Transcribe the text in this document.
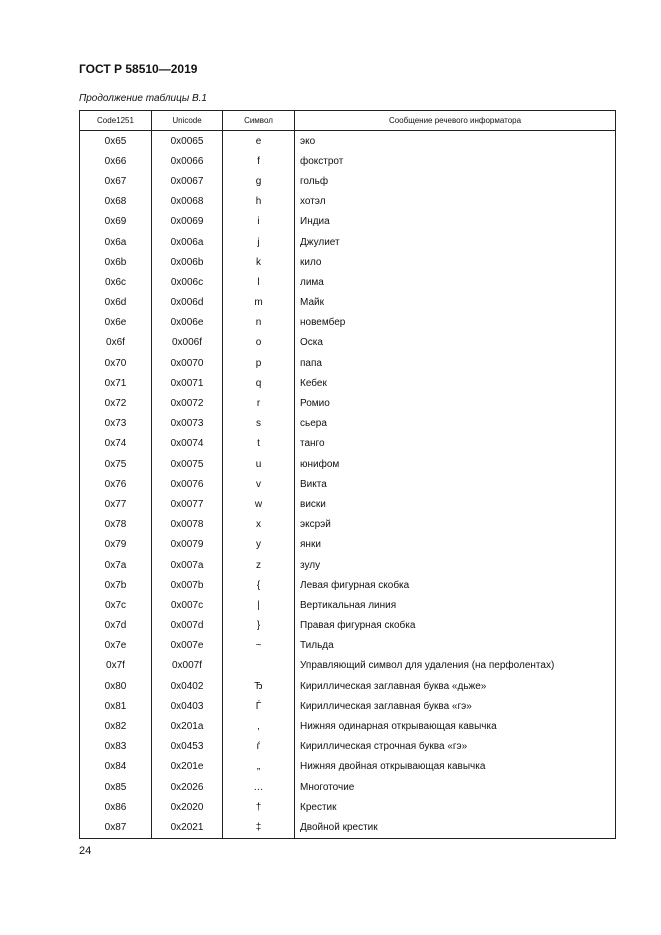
ГОСТ Р 58510—2019
Продолжение таблицы В.1
Code1251	Unicode	Символ	Сообщение речевого информатора
0x65	0x0065	e	эко
0x66	0x0066	f	фокстрот
0x67	0x0067	g	гольф
0x68	0x0068	h	хотэл
0x69	0x0069	i	Индиа
0x6a	0x006a	j	Джулиет
0x6b	0x006b	k	кило
0x6c	0x006c	l	лима
0x6d	0x006d	m	Майк
0x6e	0x006e	n	новембер
0x6f	0x006f	o	Оска
0x70	0x0070	p	папа
0x71	0x0071	q	Кебек
0x72	0x0072	r	Ромио
0x73	0x0073	s	сьера
0x74	0x0074	t	танго
0x75	0x0075	u	юнифом
0x76	0x0076	v	Викта
0x77	0x0077	w	виски
0x78	0x0078	x	эксрэй
0x79	0x0079	y	янки
0x7a	0x007a	z	зулу
0x7b	0x007b	{	Левая фигурная скобка
0x7c	0x007c	|	Вертикальная линия
0x7d	0x007d	}	Правая фигурная скобка
0x7e	0x007e	~	Тильда
0x7f	0x007f		Управляющий символ для удаления (на перфолентах)
0x80	0x0402	Ђ	Кириллическая заглавная буква «дьже»
0x81	0x0403	Ѓ	Кириллическая заглавная буква «гэ»
0x82	0x201a	‚	Нижняя одинарная открывающая кавычка
0x83	0x0453	ѓ	Кириллическая строчная буква «гэ»
0x84	0x201e	„	Нижняя двойная открывающая кавычка
0x85	0x2026	…	Многоточие
0x86	0x2020	†	Крестик
0x87	0x2021	‡	Двойной крестик
24
